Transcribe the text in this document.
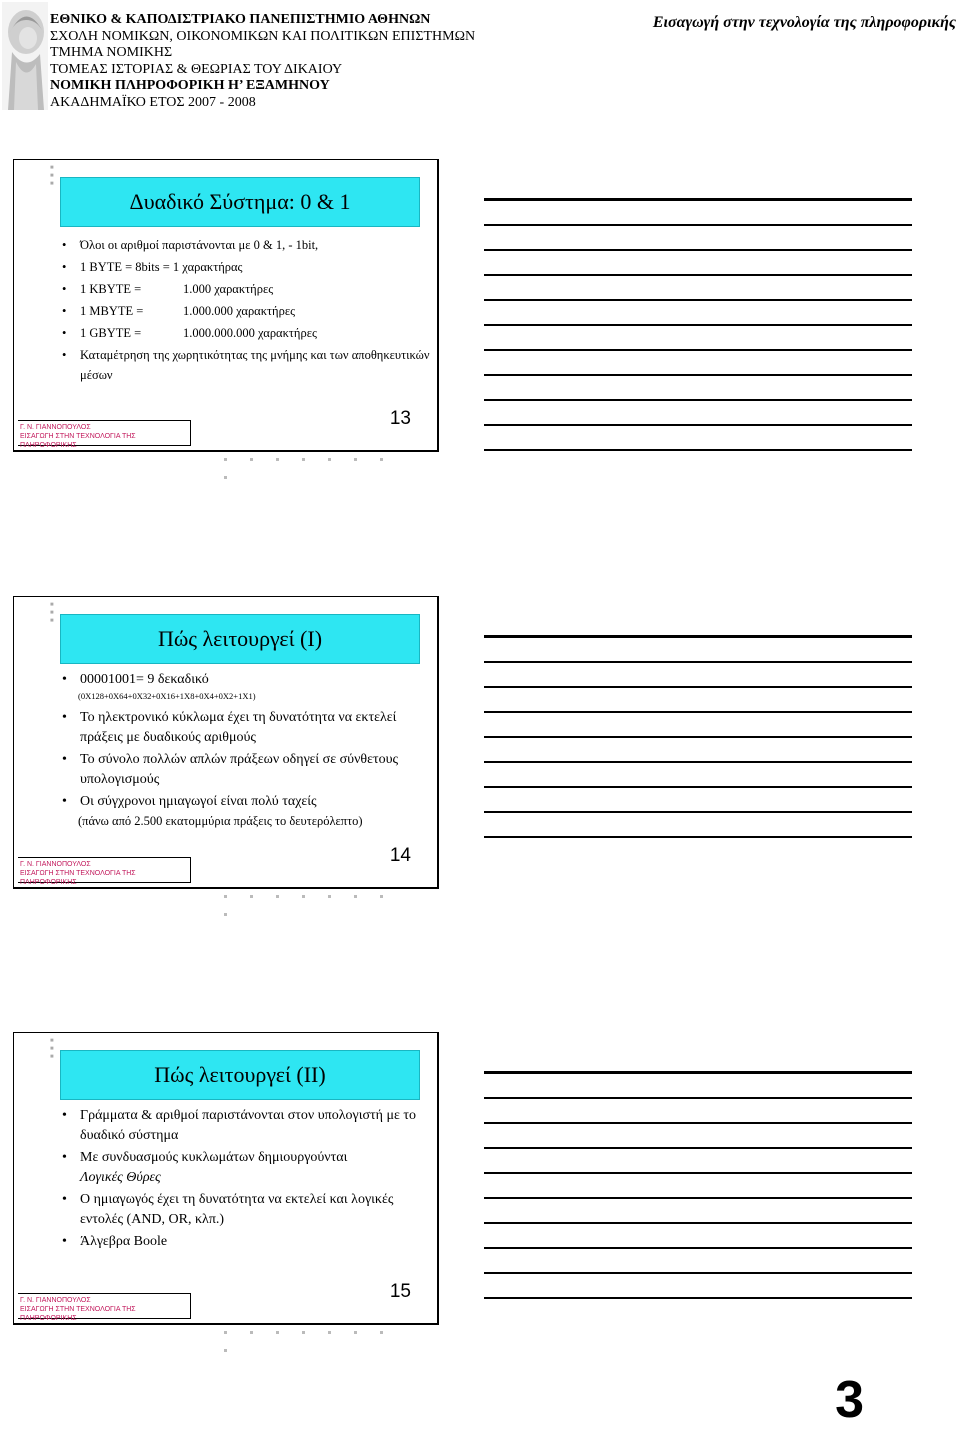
ΕΘΝΙΚΟ & ΚΑΠΟΔΙΣΤΡΙΑΚΟ ΠΑΝΕΠΙΣΤΗΜΙΟ ΑΘΗΝΩΝ
ΣΧΟΛΗ ΝΟΜΙΚΩΝ, ΟΙΚΟΝΟΜΙΚΩΝ ΚΑΙ ΠΟΛΙΤΙΚΩΝ ΕΠΙΣΤΗΜΩΝ
ΤΜΗΜΑ ΝΟΜΙΚΗΣ
ΤΟΜΕΑΣ ΙΣΤΟΡΙΑΣ & ΘΕΩΡΙΑΣ ΤΟΥ ΔΙΚΑΙΟΥ
ΝΟΜΙΚΗ ΠΛΗΡΟΦΟΡΙΚΗ Η’ ΕΞΑΜΗΝΟΥ
ΑΚΑΔΗΜΑΪΚΟ ΕΤΟΣ 2007 - 2008
Εισαγωγή στην τεχνολογία της πληροφορικής
■
■
■
Δυαδικό Σύστημα: 0 & 1
• Όλοι οι αριθμοί παριστάνονται με 0 & 1, - 1bit,
• 1 BYTE = 8bits = 1 χαρακτήρας
• 1 KBYTE =	1.000 χαρακτήρες
• 1 MBYTE =	1.000.000 χαρακτήρες
• 1 GBYTE =	1.000.000.000 χαρακτήρες
• Καταμέτρηση της χωρητικότητας της μνήμης και των αποθηκευτικών μέσων
Γ. Ν. ΓΙΑΝΝΟΠΟΥΛΟΣ
ΕΙΣΑΓΩΓΗ ΣΤΗΝ ΤΕΧΝΟΛΟΓΙΑ ΤΗΣ ΠΛΗΡΟΦΟΡΙΚΗΣ
13
■
■
■
Πώς λειτουργεί (Ι)
• 00001001= 9 δεκαδικό
(0X128+0X64+0X32+0X16+1X8+0X4+0X2+1X1)
• Το ηλεκτρονικό κύκλωμα έχει τη δυνατότητα να εκτελεί πράξεις με δυαδικούς αριθμούς
• Το σύνολο πολλών απλών πράξεων οδηγεί σε σύνθετους υπολογισμούς
• Οι σύγχρονοι ημιαγωγοί είναι πολύ ταχείς
(πάνω από 2.500 εκατομμύρια πράξεις το δευτερόλεπτο)
Γ. Ν. ΓΙΑΝΝΟΠΟΥΛΟΣ
ΕΙΣΑΓΩΓΗ ΣΤΗΝ ΤΕΧΝΟΛΟΓΙΑ ΤΗΣ ΠΛΗΡΟΦΟΡΙΚΗΣ
14
■
■
■
Πώς λειτουργεί (ΙΙ)
• Γράμματα & αριθμοί παριστάνονται στον υπολογιστή με το δυαδικό σύστημα
• Με συνδυασμούς κυκλωμάτων δημιουργούνται
Λογικές Θύρες
• Ο ημιαγωγός έχει τη δυνατότητα να εκτελεί και λογικές εντολές (AND, OR, κλπ.)
• Άλγεβρα Boole
Γ. Ν. ΓΙΑΝΝΟΠΟΥΛΟΣ
ΕΙΣΑΓΩΓΗ ΣΤΗΝ ΤΕΧΝΟΛΟΓΙΑ ΤΗΣ ΠΛΗΡΟΦΟΡΙΚΗΣ
15
3
